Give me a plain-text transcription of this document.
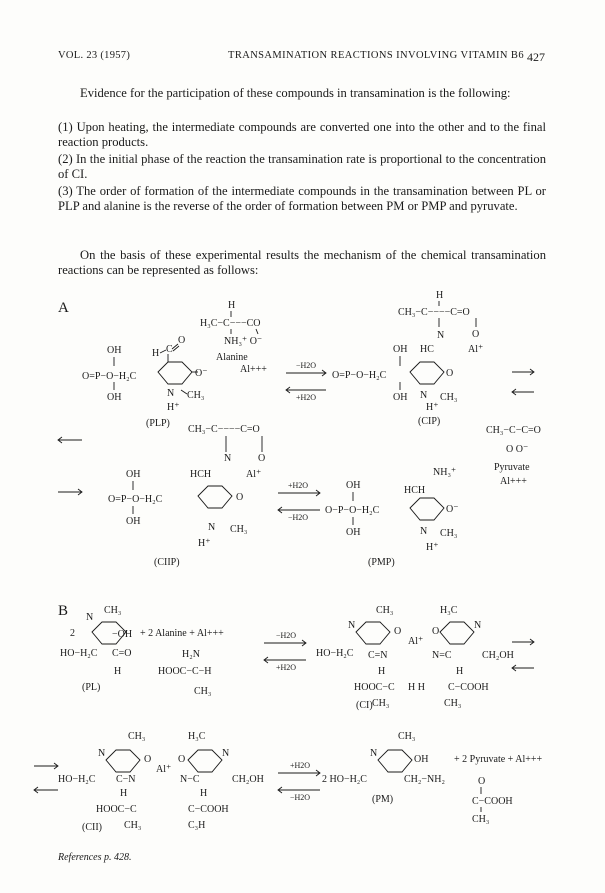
VOL. 23 (1957)	TRANSAMINATION REACTIONS INVOLVING VITAMIN B6 427
Evidence for the participation of these compounds in transamination is the following:
(1) Upon heating, the intermediate compounds are converted one into the other and to the final reaction products.
(2) In the initial phase of the reaction the transamination rate is proportional to the concentration of CI.
(3) The order of formation of the intermediate compounds in the transamination between PL or PLP and alanine is the reverse of the order of formation between PM or PMP and pyruvate.
On the basis of these experimental results the mechanism of the chemical transamination reactions can be represented as follows:
A
B
H C
O
OH
O=P−O−H₂C
OH
O⁻
N CH₃
H⁺
(PLP)
H
H₃C−C−−−CO
NH₃⁺ O⁻
Alanine
Al+++	−H2O
+H2O
H
CH₃−C−−−−C=O
N	O
OH HC	Al⁺
O=P−O−H₂C	O
OH N CH₃
H⁺
(CIP)
CH₃−C−−−−C=O
N	O
OH	HCH	Al⁺
O=P−O−H₂C	O
OH
N CH₃
H⁺
(CIIP)
+H2O
−H2O
NH₃⁺
OH	HCH
O−P−O−H₂C	O⁻
OH	N CH₃
H⁺
(PMP)
CH₃−C−C=O
O O⁻
Pyruvate
Al+++
CH₃
N
2	−OH
HO−H₂C C=O
H
(PL)
+ 2 Alanine + Al+++
H₂N
HOOC−C−H
CH₃
−H2O
+H2O
CH₃	H₃C
N	N
O
Al⁺
O
HO−H₂C C=N	N=C	CH₂OH
H	H
HOOC−C H H C−COOH
CH₃	CH₃
(CI)
CH₃	H₃C
N	N
O
Al⁺
O
HO−H₂C C−N	N−C	CH₂OH
H	H
HOOC−C	C−COOH
CH₃	C₃H
(CII)
+H2O
−H2O
CH₃
N
OH
2 HO−H₂C	CH₂−NH₂
(PM)
+ 2 Pyruvate + Al+++
O
C−COOH
CH₃
References p. 428.
